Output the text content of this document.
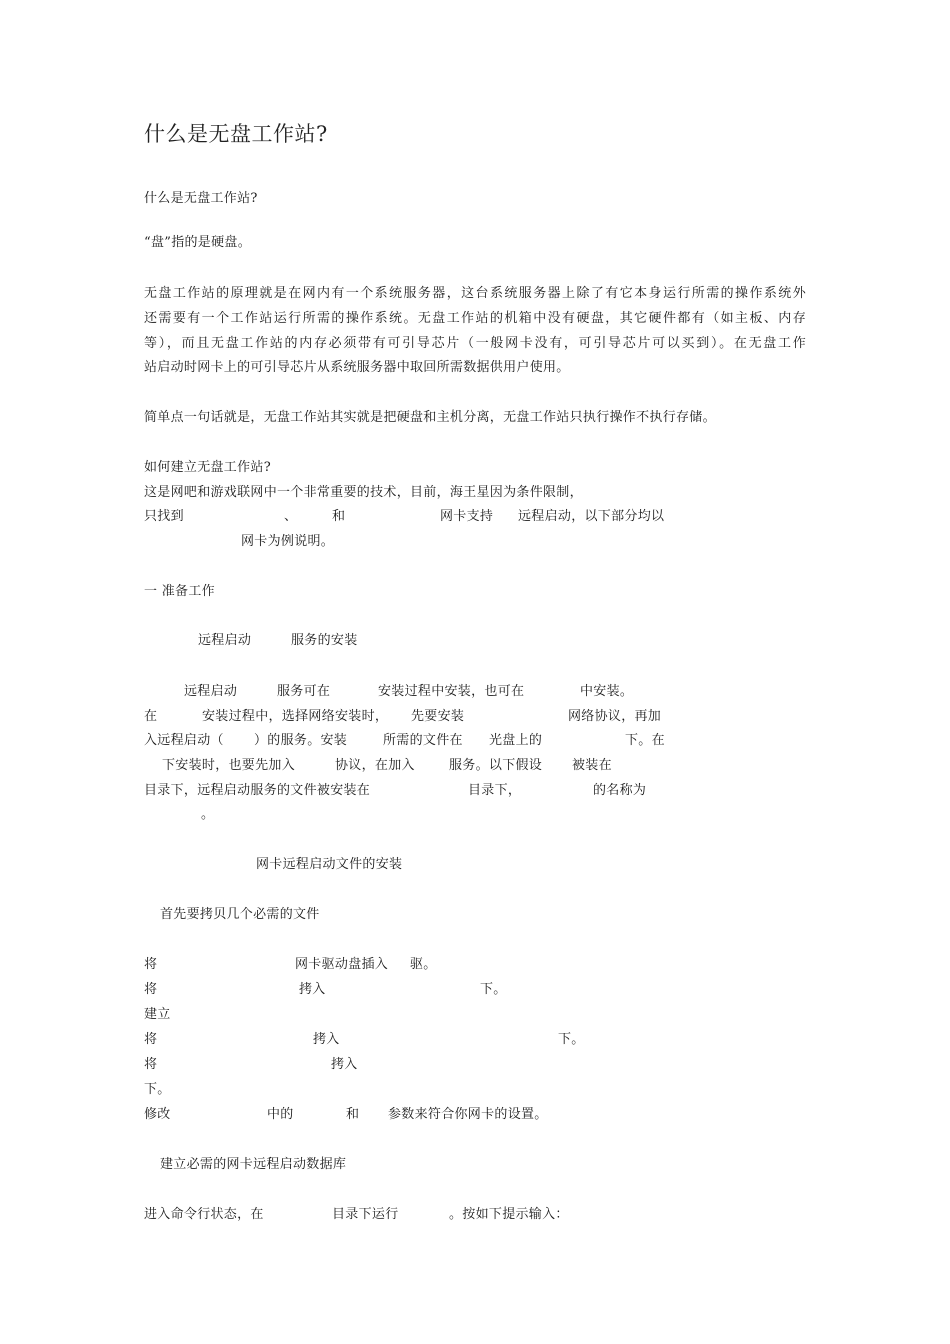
什么是无盘工作站?
什么是无盘工作站?
“盘”指的是硬盘。
无盘工作站的原理就是在网内有一个系统服务器，这台系统服务器上除了有它本身运行所需的操作系统外
还需要有一个工作站运行所需的操作系统。无盘工作站的机箱中没有硬盘，其它硬件都有（如主板、内存
等），而且无盘工作站的内存必须带有可引导芯片（一般网卡没有，可引导芯片可以买到）。在无盘工作
站启动时网卡上的可引导芯片从系统服务器中取回所需数据供用户使用。
简单点一句话就是，无盘工作站其实就是把硬盘和主机分离，无盘工作站只执行操作不执行存储。
如何建立无盘工作站?
这是网吧和游戏联网中一个非常重要的技术，目前，海王星因为条件限制，
只找到	、	和	网卡支持 远程启动，以下部分均以
网卡为例说明。
一 准备工作
远程启动	服务的安装
远程启动	服务可在	安装过程中安装，也可在	中安装。
在	安装过程中，选择网络安装时， 先要安装	网络协议，再加
入远程启动（ ）的服务。安装	所需的文件在 光盘上的	下。在
下安装时，也要先加入	协议，在加入	服务。以下假设 被装在
目录下，远程启动服务的文件被安装在	目录下，	的名称为
。
网卡远程启动文件的安装
首先要拷贝几个必需的文件
将	网卡驱动盘插入 驱。
将	拷入	下。
建立
将	拷入	下。
将	拷入
下。
修改	中的	和 参数来符合你网卡的设置。
建立必需的网卡远程启动数据库
进入命令行状态，在	目录下运行	。按如下提示输入：
